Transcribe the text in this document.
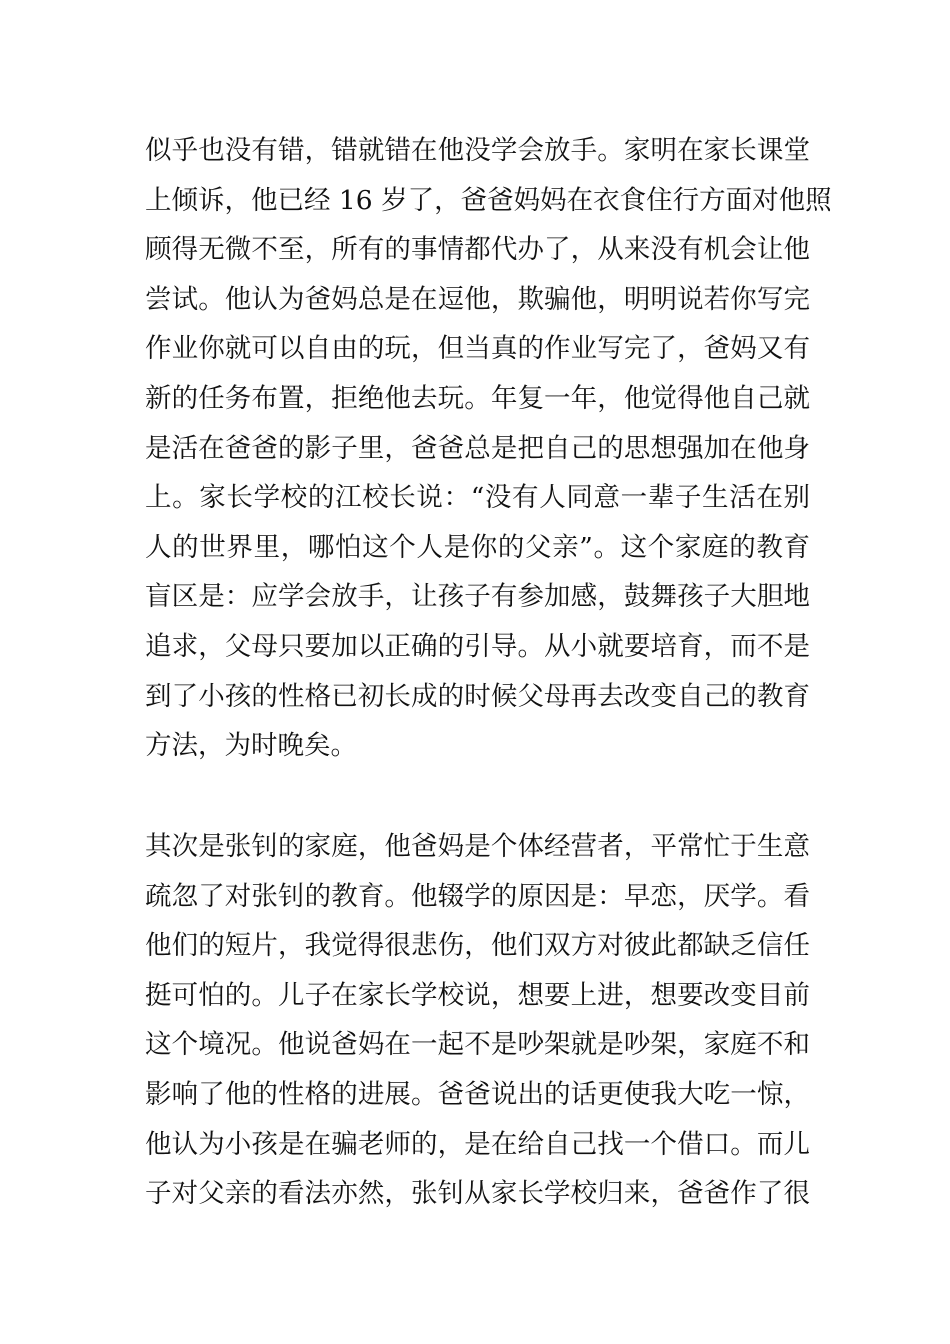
似乎也没有错，错就错在他没学会放手。家明在家长课堂
上倾诉，他已经 16 岁了，爸爸妈妈在衣食住行方面对他照
顾得无微不至，所有的事情都代办了，从来没有机会让他
尝试。他认为爸妈总是在逗他，欺骗他，明明说若你写完
作业你就可以自由的玩，但当真的作业写完了，爸妈又有
新的任务布置，拒绝他去玩。年复一年，他觉得他自己就
是活在爸爸的影子里，爸爸总是把自己的思想强加在他身
上。家长学校的江校长说：“没有人同意一辈子生活在别
人的世界里，哪怕这个人是你的父亲”。这个家庭的教育
盲区是：应学会放手，让孩子有参加感，鼓舞孩子大胆地
追求，父母只要加以正确的引导。从小就要培育，而不是
到了小孩的性格已初长成的时候父母再去改变自己的教育
方法，为时晚矣。
其次是张钊的家庭，他爸妈是个体经营者，平常忙于生意
疏忽了对张钊的教育。他辍学的原因是：早恋，厌学。看
他们的短片，我觉得很悲伤，他们双方对彼此都缺乏信任
挺可怕的。儿子在家长学校说，想要上进，想要改变目前
这个境况。他说爸妈在一起不是吵架就是吵架，家庭不和
影响了他的性格的进展。爸爸说出的话更使我大吃一惊，
他认为小孩是在骗老师的，是在给自己找一个借口。而儿
子对父亲的看法亦然，张钊从家长学校归来，爸爸作了很
